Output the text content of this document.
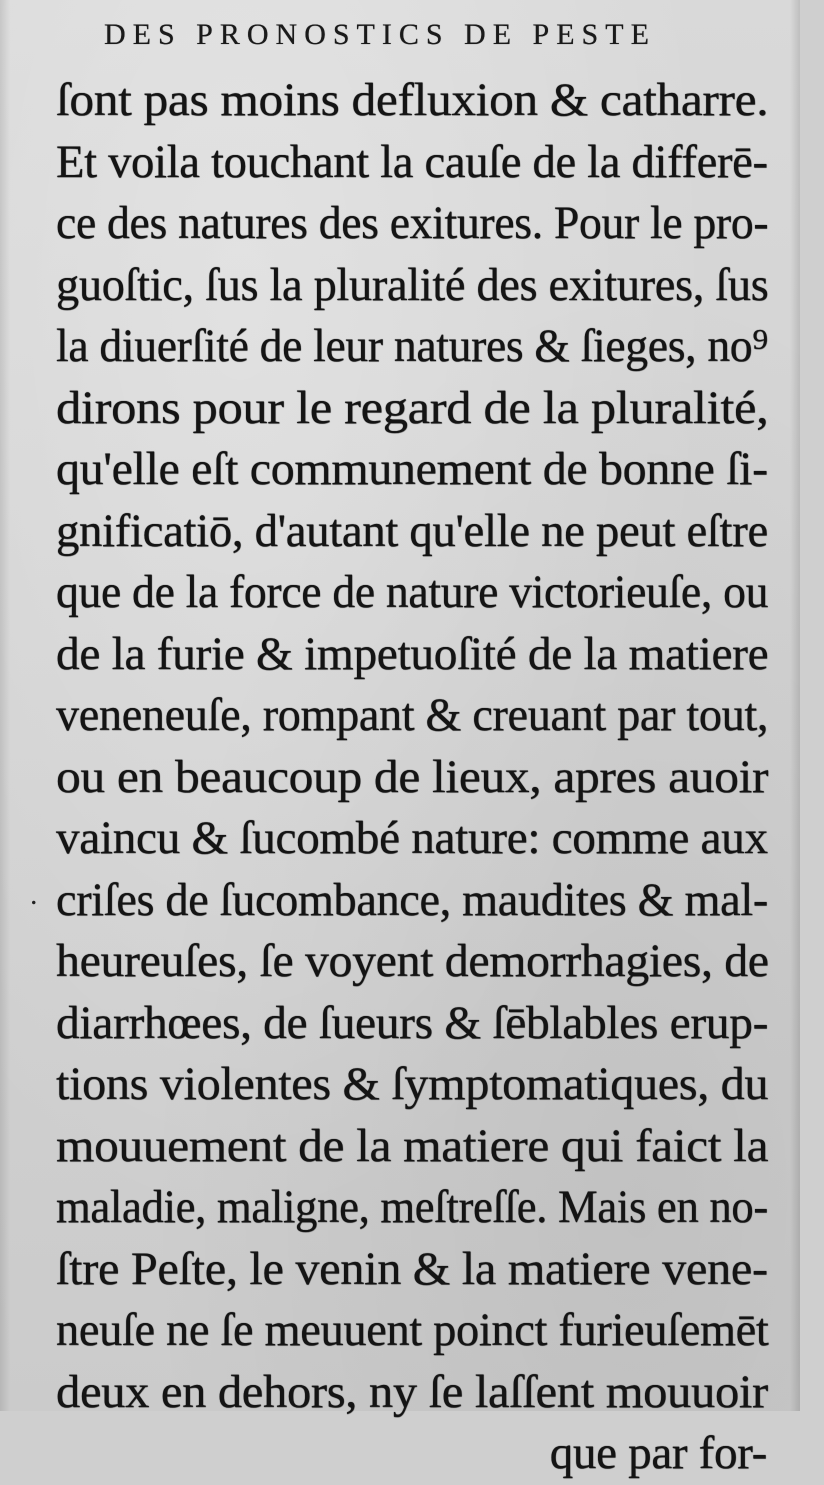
DES PRONOSTICS DE PESTE
.
ſont pas moins defluxion & catharre.
Et voila touchant la cauſe de la differē-
ce des natures des exitures. Pour le pro-
guoſtic, ſus la pluralité des exitures, ſus
la diuerſité de leur natures & ſieges, no⁹
dirons pour le regard de la pluralité,
qu'elle eſt communement de bonne ſi-
gnificatiō, d'autant qu'elle ne peut eſtre
que de la force de nature victorieuſe, ou
de la furie & impetuoſité de la matiere
veneneuſe, rompant & creuant par tout,
ou en beaucoup de lieux, apres auoir
vaincu & ſucombé nature: comme aux
criſes de ſucombance, maudites & mal-
heureuſes, ſe voyent demorrhagies, de
diarrhœes, de ſueurs & ſēblables erup-
tions violentes & ſymptomatiques, du
mouuement de la matiere qui faict la
maladie, maligne, meſtreſſe. Mais en no-
ſtre Peſte, le venin & la matiere vene-
neuſe ne ſe meuuent poinct furieuſemēt
deux en dehors, ny ſe laſſent mouuoir
que par for-
